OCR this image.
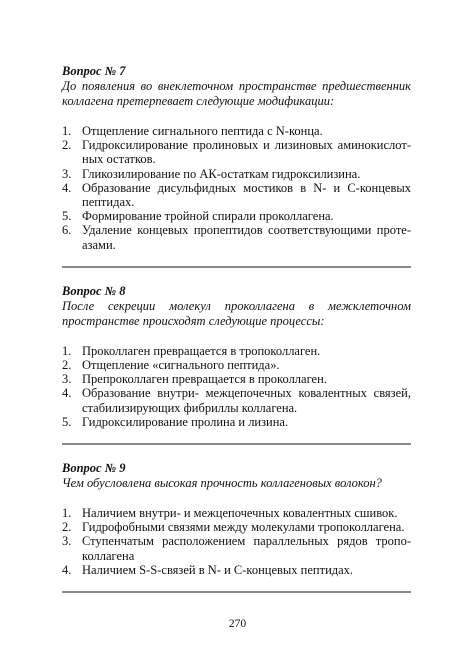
Вопрос № 7

До появления во внеклеточном пространстве предшественник коллагена претерпевает следующие модификации:

1. Отщепление сигнального пептида с N-конца.
2. Гидроксилирование пролиновых и лизиновых аминокислот-ных остатков.
3. Гликозилирование по АК-остаткам гидроксилизина.
4. Образование дисульфидных мостиков в N- и С-концевых пептидах.
5. Формирование тройной спирали проколлагена.
6. Удаление концевых пропептидов соответствующими проте-азами.

Вопрос № 8

После секреции молекул проколлагена в межклеточном пространстве происходят следующие процессы:

1. Проколлаген превращается в тропоколлаген.
2. Отщепление «сигнального пептида».
3. Препроколлаген превращается в проколлаген.
4. Образование внутри- межцепочечных ковалентных связей, стабилизирующих фибриллы коллагена.
5. Гидроксилирование пролина и лизина.

Вопрос № 9

Чем обусловлена высокая прочность коллагеновых волокон?

1. Наличием внутри- и межцепочечных ковалентных сшивок.
2. Гидрофобными связями между молекулами тропоколлагена.
3. Ступенчатым расположением параллельных рядов тропо-коллагена
4. Наличием S-S-связей в N- и С-концевых пептидах.
270
